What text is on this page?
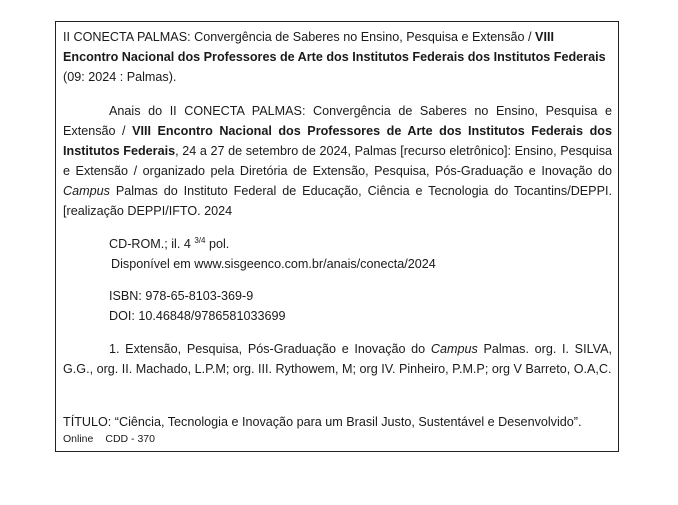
II CONECTA PALMAS: Convergência de Saberes no Ensino, Pesquisa e Extensão / VIII Encontro Nacional dos Professores de Arte dos Institutos Federais dos Institutos Federais (09: 2024 : Palmas).

Anais do II CONECTA PALMAS: Convergência de Saberes no Ensino, Pesquisa e Extensão / VIII Encontro Nacional dos Professores de Arte dos Institutos Federais dos Institutos Federais, 24 a 27 de setembro de 2024, Palmas [recurso eletrônico]: Ensino, Pesquisa e Extensão / organizado pela Diretória de Extensão, Pesquisa, Pós-Graduação e Inovação do Campus Palmas do Instituto Federal de Educação, Ciência e Tecnologia do Tocantins/DEPPI. [realização DEPPI/IFTO. 2024

CD-ROM.; il. 4 $^{3/4}$ pol.
Disponível em www.sisgeenco.com.br/anais/conecta/2024
ISBN: 978-65-8103-369-9
DOI: 10.46848/9786581033699

1. Extensão, Pesquisa, Pós-Graduação e Inovação do Campus Palmas. org. I. SILVA, G.G., org. II. Machado, L.P.M; org. III. Rythowem, M; org IV. Pinheiro, P.M.P; org V Barreto, O.A,C.

TÍTULO: “Ciência, Tecnologia e Inovação para um Brasil Justo, Sustentável e Desenvolvido”.
Online CDD - 370
